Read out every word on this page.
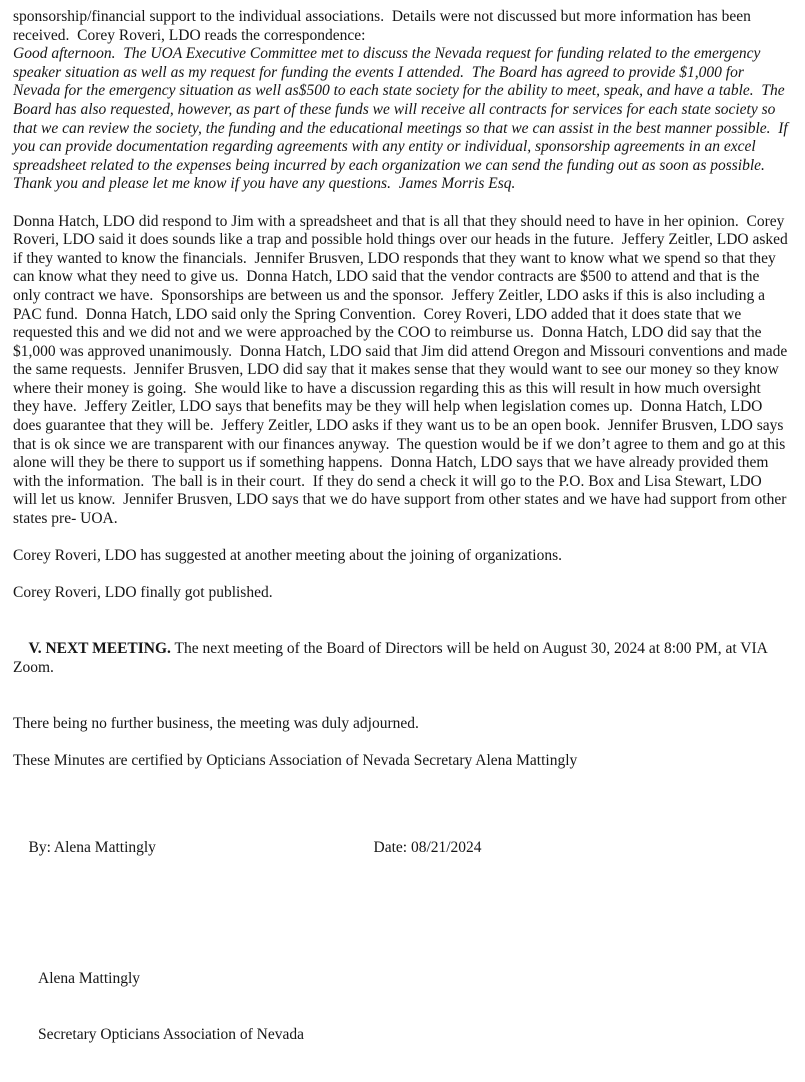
sponsorship/financial support to the individual associations.  Details were not discussed but more information has been received.  Corey Roveri, LDO reads the correspondence:

Good afternoon.  The UOA Executive Committee met to discuss the Nevada request for funding related to the emergency speaker situation as well as my request for funding the events I attended.  The Board has agreed to provide $1,000 for Nevada for the emergency situation as well as$500 to each state society for the ability to meet, speak, and have a table.  The Board has also requested, however, as part of these funds we will receive all contracts for services for each state society so that we can review the society, the funding and the educational meetings so that we can assist in the best manner possible.  If you can provide documentation regarding agreements with any entity or individual, sponsorship agreements in an excel spreadsheet related to the expenses being incurred by each organization we can send the funding out as soon as possible.  Thank you and please let me know if you have any questions.  James Morris Esq.

Donna Hatch, LDO did respond to Jim with a spreadsheet and that is all that they should need to have in her opinion.  Corey Roveri, LDO said it does sounds like a trap and possible hold things over our heads in the future.  Jeffery Zeitler, LDO asked if they wanted to know the financials.  Jennifer Brusven, LDO responds that they want to know what we spend so that they can know what they need to give us.  Donna Hatch, LDO said that the vendor contracts are $500 to attend and that is the only contract we have.  Sponsorships are between us and the sponsor.  Jeffery Zeitler, LDO asks if this is also including a PAC fund.  Donna Hatch, LDO said only the Spring Convention.  Corey Roveri, LDO added that it does state that we requested this and we did not and we were approached by the COO to reimburse us.  Donna Hatch, LDO did say that the $1,000 was approved unanimously.  Donna Hatch, LDO said that Jim did attend Oregon and Missouri conventions and made the same requests.  Jennifer Brusven, LDO did say that it makes sense that they would want to see our money so they know where their money is going.  She would like to have a discussion regarding this as this will result in how much oversight they have.  Jeffery Zeitler, LDO says that benefits may be they will help when legislation comes up.  Donna Hatch, LDO does guarantee that they will be.  Jeffery Zeitler, LDO asks if they want us to be an open book.  Jennifer Brusven, LDO says that is ok since we are transparent with our finances anyway.  The question would be if we don’t agree to them and go at this alone will they be there to support us if something happens.  Donna Hatch, LDO says that we have already provided them with the information.  The ball is in their court.  If they do send a check it will go to the P.O. Box and Lisa Stewart, LDO will let us know.  Jennifer Brusven, LDO says that we do have support from other states and we have had support from other states pre- UOA.

Corey Roveri, LDO has suggested at another meeting about the joining of organizations.

Corey Roveri, LDO finally got published.

V. NEXT MEETING. The next meeting of the Board of Directors will be held on August 30, 2024 at 8:00 PM, at VIA Zoom.

There being no further business, the meeting was duly adjourned.

These Minutes are certified by Opticians Association of Nevada Secretary Alena Mattingly

By: Alena Mattingly	Date: 08/21/2024

Alena Mattingly

Secretary Opticians Association of Nevada
